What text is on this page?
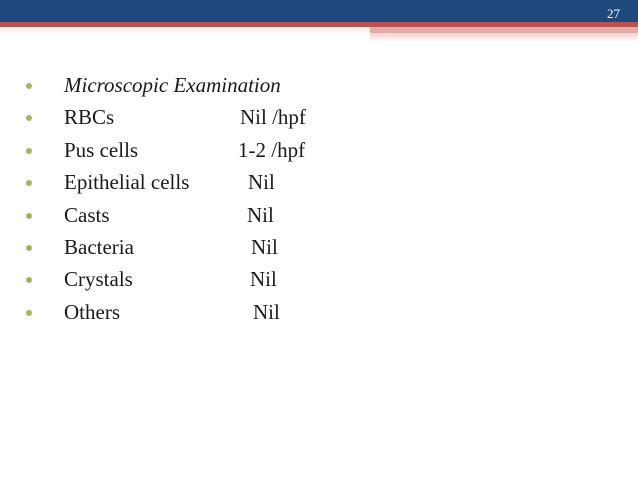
27
Microscopic Examination
RBCs	Nil /hpf
Pus cells	1-2 /hpf
Epithelial cells	Nil
Casts	Nil
Bacteria	Nil
Crystals	Nil
Others	Nil
